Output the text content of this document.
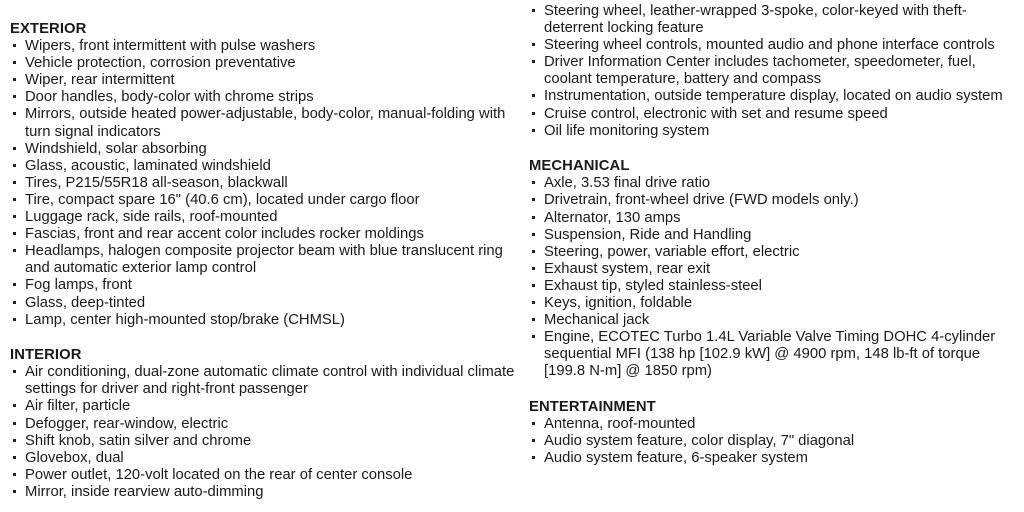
EXTERIOR
Wipers, front intermittent with pulse washers
Vehicle protection, corrosion preventative
Wiper, rear intermittent
Door handles, body-color with chrome strips
Mirrors, outside heated power-adjustable, body-color, manual-folding with turn signal indicators
Windshield, solar absorbing
Glass, acoustic, laminated windshield
Tires, P215/55R18 all-season, blackwall
Tire, compact spare 16" (40.6 cm), located under cargo floor
Luggage rack, side rails, roof-mounted
Fascias, front and rear accent color includes rocker moldings
Headlamps, halogen composite projector beam with blue translucent ring and automatic exterior lamp control
Fog lamps, front
Glass, deep-tinted
Lamp, center high-mounted stop/brake (CHMSL)
INTERIOR
Air conditioning, dual-zone automatic climate control with individual climate settings for driver and right-front passenger
Air filter, particle
Defogger, rear-window, electric
Shift knob, satin silver and chrome
Glovebox, dual
Power outlet, 120-volt located on the rear of center console
Mirror, inside rearview auto-dimming
Steering wheel, leather-wrapped 3-spoke, color-keyed with theft-deterrent locking feature
Steering wheel controls, mounted audio and phone interface controls
Driver Information Center includes tachometer, speedometer, fuel, coolant temperature, battery and compass
Instrumentation, outside temperature display, located on audio system
Cruise control, electronic with set and resume speed
Oil life monitoring system
MECHANICAL
Axle, 3.53 final drive ratio
Drivetrain, front-wheel drive (FWD models only.)
Alternator, 130 amps
Suspension, Ride and Handling
Steering, power, variable effort, electric
Exhaust system, rear exit
Exhaust tip, styled stainless-steel
Keys, ignition, foldable
Mechanical jack
Engine, ECOTEC Turbo 1.4L Variable Valve Timing DOHC 4-cylinder sequential MFI (138 hp [102.9 kW] @ 4900 rpm, 148 lb-ft of torque [199.8 N-m] @ 1850 rpm)
ENTERTAINMENT
Antenna, roof-mounted
Audio system feature, color display, 7" diagonal
Audio system feature, 6-speaker system
